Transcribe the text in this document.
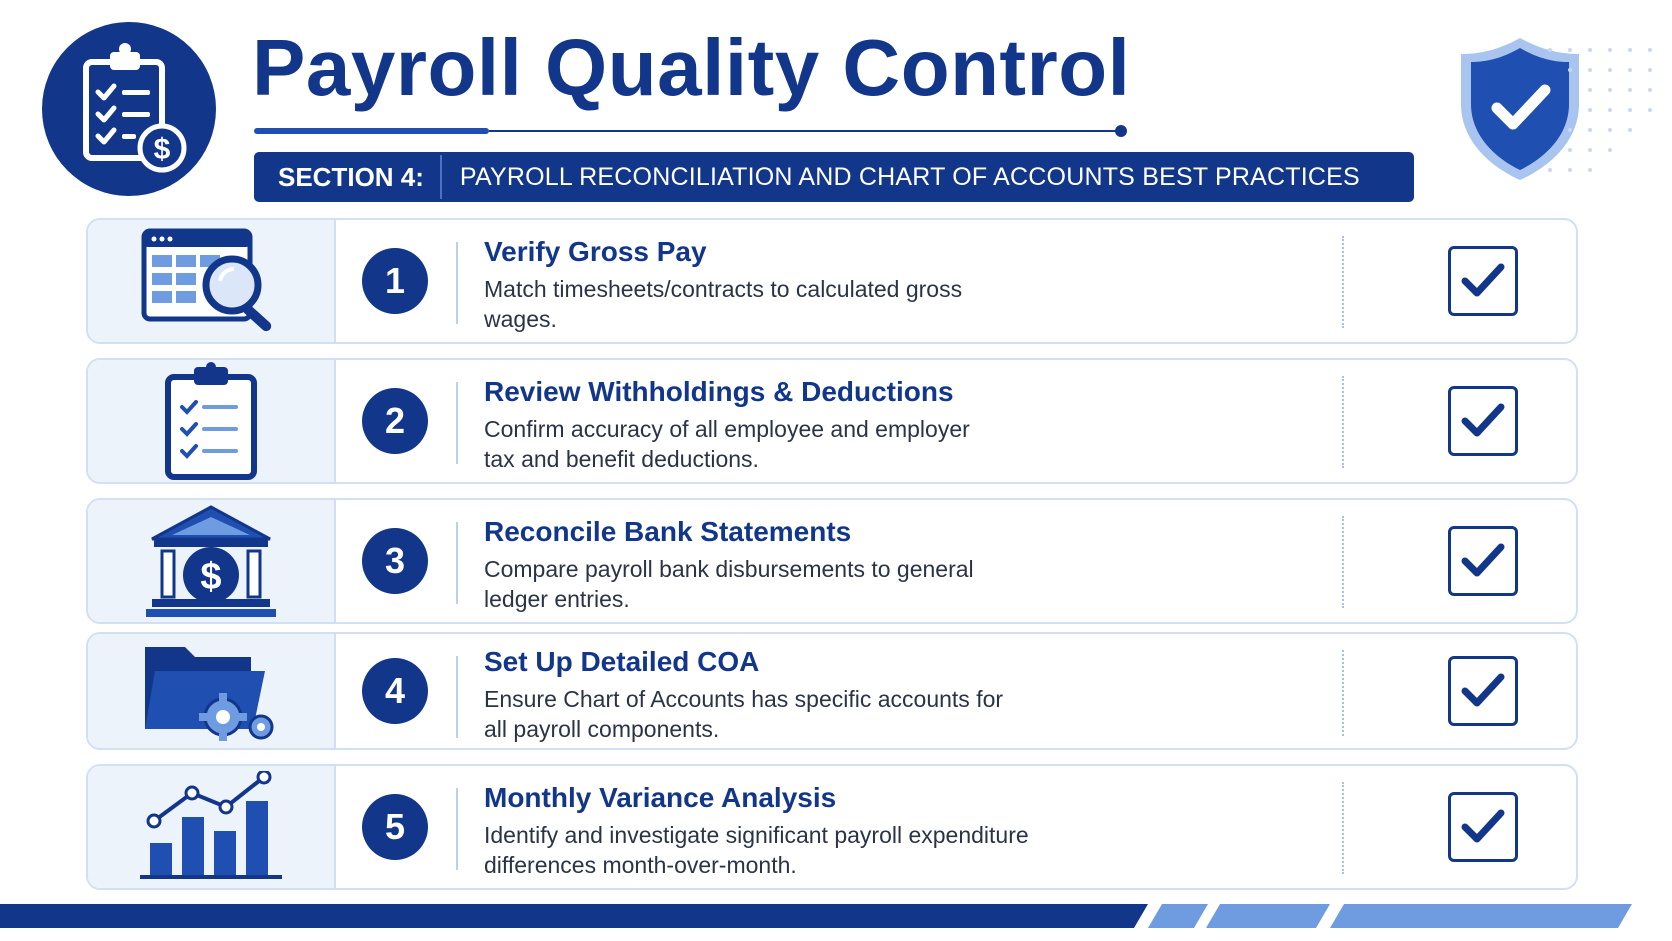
$
Payroll Quality Control
SECTION 4:	PAYROLL RECONCILIATION AND CHART OF ACCOUNTS BEST PRACTICES
1

Verify Gross Pay

Match timesheets/contracts to calculated gross wages.

2

Review Withholdings & Deductions

Confirm accuracy of all employee and employer tax and benefit deductions.

$	3

Reconcile Bank Statements

Compare payroll bank disbursements to general ledger entries.

4

Set Up Detailed COA

Ensure Chart of Accounts has specific accounts for all payroll components.

5

Monthly Variance Analysis

Identify and investigate significant payroll expenditure differences month-over-month.
